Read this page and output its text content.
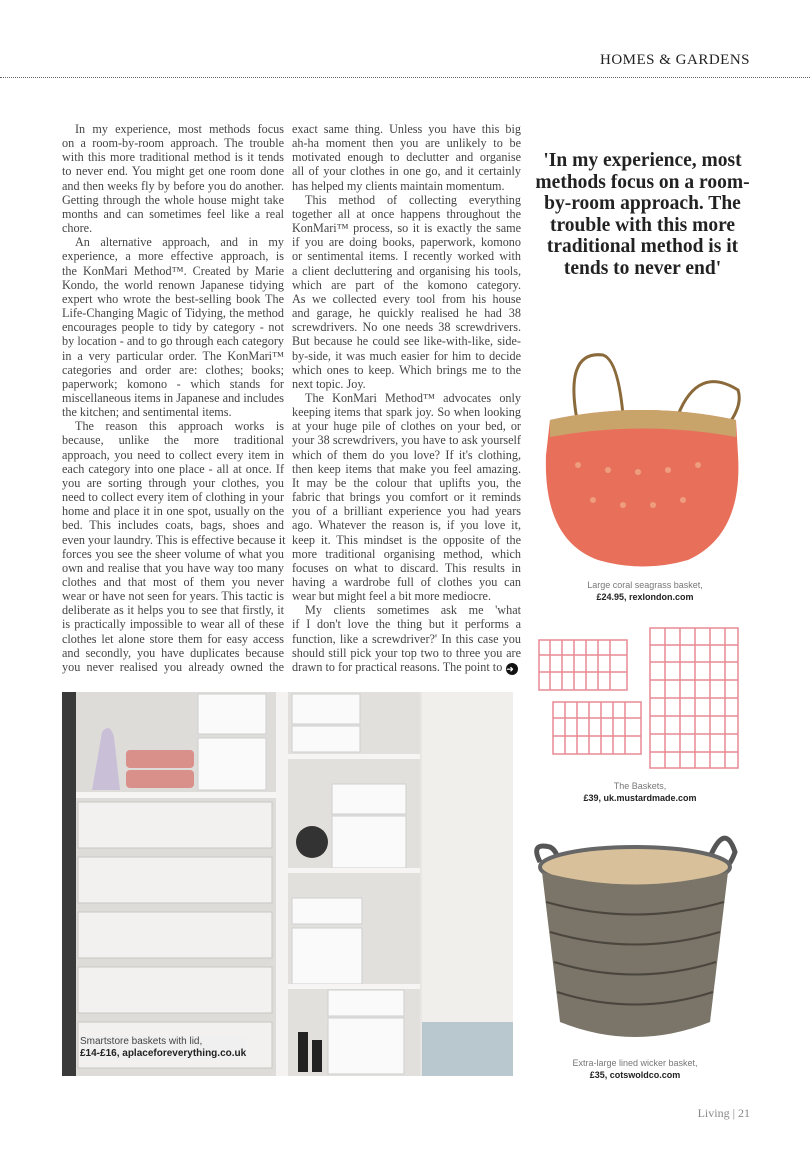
HOMES & GARDENS
In my experience, most methods focus
on a room-by-room approach. The trouble
with this more traditional method is it tends
to never end. You might get one room done
and then weeks fly by before you do another.
Getting through the whole house might take
months and can sometimes feel like a real
chore.
An alternative approach, and in my
experience, a more effective approach, is
the KonMari Method™. Created by Marie
Kondo, the world renown Japanese tidying
expert who wrote the best-selling book The
Life-Changing Magic of Tidying, the method
encourages people to tidy by category - not
by location - and to go through each category
in a very particular order. The KonMari™
categories and order are: clothes; books;
paperwork; komono - which stands for
miscellaneous items in Japanese and includes
the kitchen; and sentimental items.
The reason this approach works is
because, unlike the more traditional
approach, you need to collect every item in
each category into one place - all at once. If
you are sorting through your clothes, you
need to collect every item of clothing in your
home and place it in one spot, usually on the
bed. This includes coats, bags, shoes and
even your laundry. This is effective because it
forces you see the sheer volume of what you
own and realise that you have way too many
clothes and that most of them you never
wear or have not seen for years. This tactic is
deliberate as it helps you to see that firstly, it
is practically impossible to wear all of these
clothes let alone store them for easy access
and secondly, you have duplicates because
you never realised you already owned the
exact same thing. Unless you have this big
ah-ha moment then you are unlikely to be
motivated enough to declutter and organise
all of your clothes in one go, and it certainly
has helped my clients maintain momentum.
This method of collecting everything
together all at once happens throughout the
KonMari™ process, so it is exactly the same
if you are doing books, paperwork, komono
or sentimental items. I recently worked with
a client decluttering and organising his tools,
which are part of the komono category.
As we collected every tool from his house
and garage, he quickly realised he had 38
screwdrivers. No one needs 38 screwdrivers.
But because he could see like-with-like, side-
by-side, it was much easier for him to decide
which ones to keep. Which brings me to the
next topic. Joy.
The KonMari Method™ advocates only
keeping items that spark joy. So when looking
at your huge pile of clothes on your bed, or
your 38 screwdrivers, you have to ask yourself
which of them do you love? If it's clothing,
then keep items that make you feel amazing.
It may be the colour that uplifts you, the
fabric that brings you comfort or it reminds
you of a brilliant experience you had years
ago. Whatever the reason is, if you love it,
keep it. This mindset is the opposite of the
more traditional organising method, which
focuses on what to discard. This results in
having a wardrobe full of clothes you can
wear but might feel a bit more mediocre.
My clients sometimes ask me 'what
if I don't love the thing but it performs a
function, like a screwdriver?' In this case you
should still pick your top two to three you are
drawn to for practical reasons. The point to ➜
'In my experience, most methods focus on a room-by-room approach. The trouble with this more traditional method is it tends to never end'
Large coral seagrass basket,
£24.95, rexlondon.com
The Baskets,
£39, uk.mustardmade.com
Extra-large lined wicker basket,
£35, cotswoldco.com
Smartstore baskets with lid,
£14-£16, aplaceforeverything.co.uk
Living | 21
